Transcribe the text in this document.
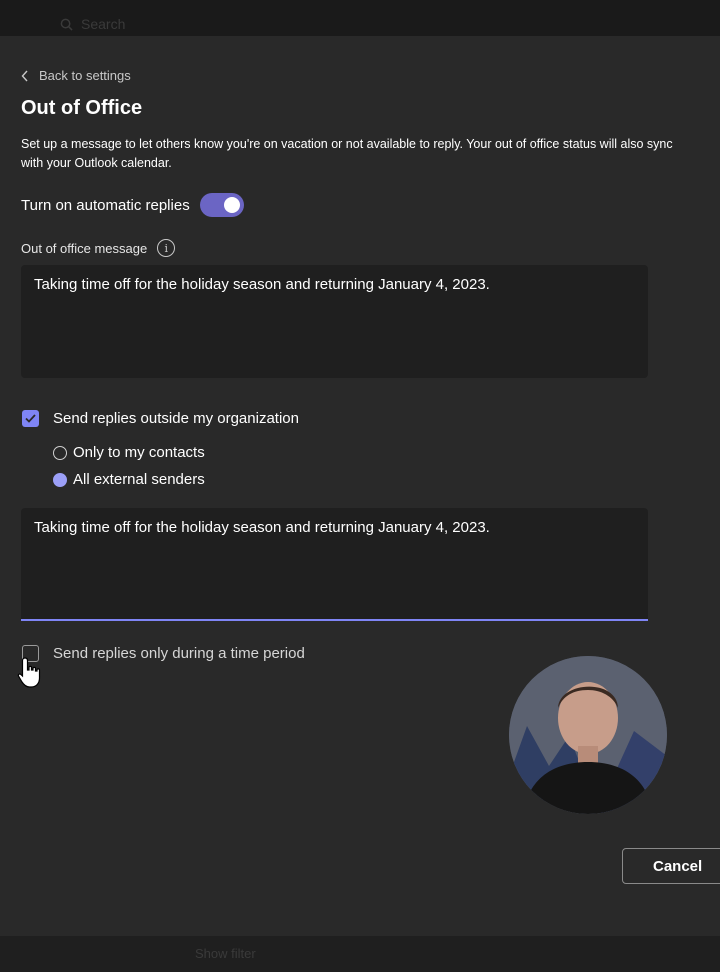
Search
Back to settings
Out of Office
Set up a message to let others know you're on vacation or not available to reply. Your out of office status will also sync with your Outlook calendar.
Turn on automatic replies
Out of office message	i
Taking time off for the holiday season and returning January 4, 2023.
Send replies outside my organization
Only to my contacts
All external senders
Taking time off for the holiday season and returning January 4, 2023.
Send replies only during a time period
Cancel
Show filter
